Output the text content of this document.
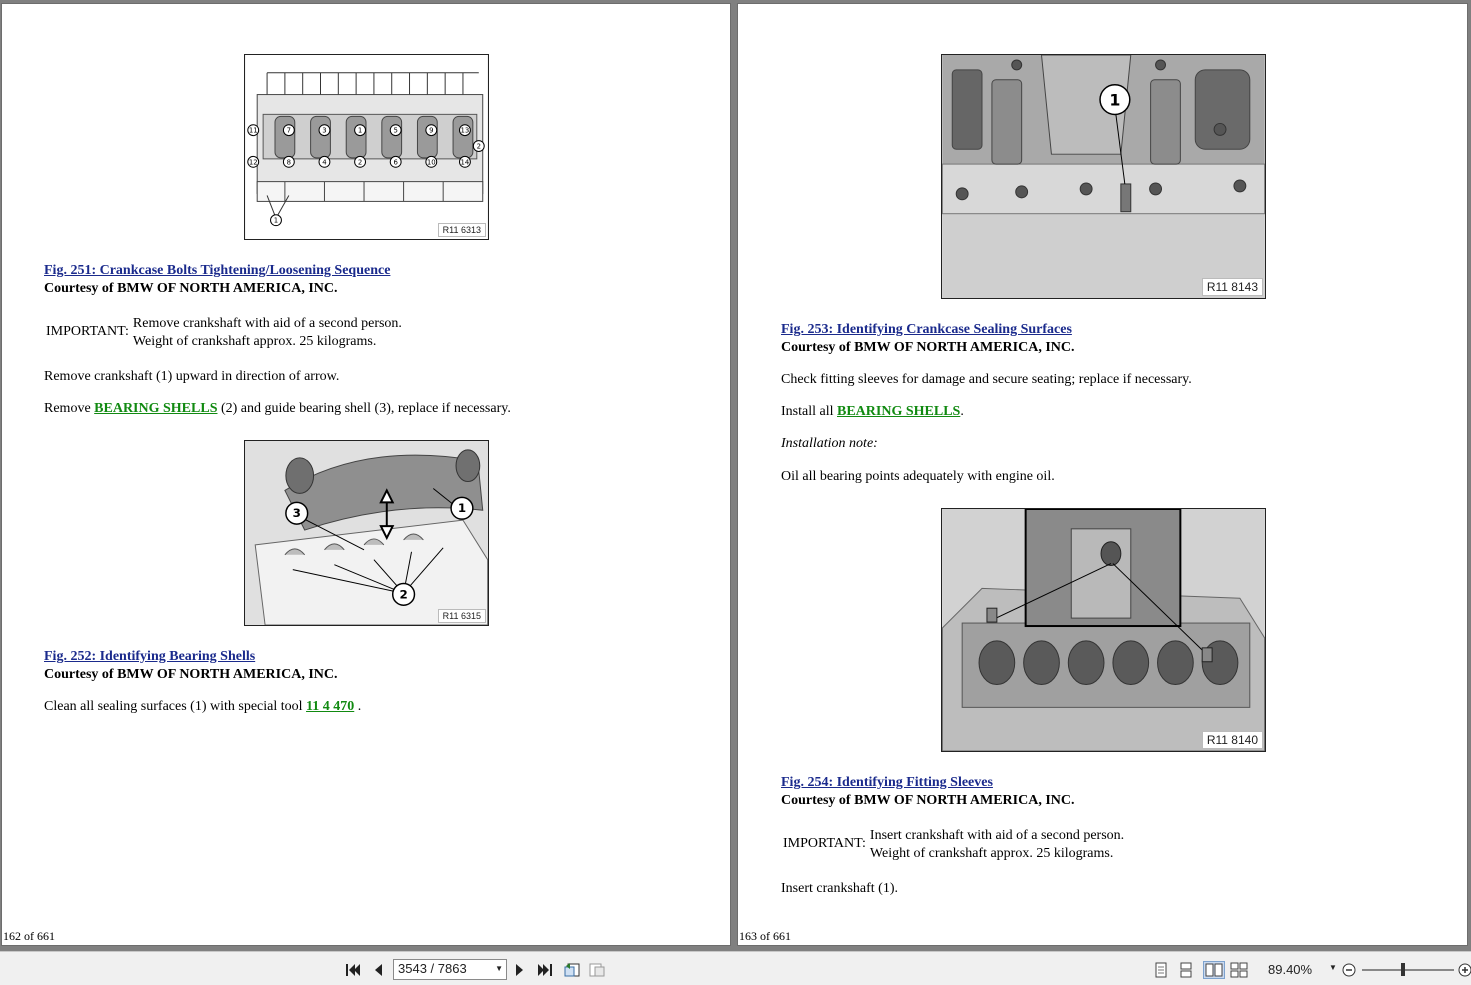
11	7	3	1	5	9	13
12	8	4	2	6	10	14
2
1
R11 6313
Fig. 251: Crankcase Bolts Tightening/Loosening Sequence
Courtesy of BMW OF NORTH AMERICA, INC.
IMPORTANT:
Remove crankshaft with aid of a second person.
Weight of crankshaft approx. 25 kilograms.
Remove crankshaft (1) upward in direction of arrow.
Remove BEARING SHELLS (2) and guide bearing shell (3), replace if necessary.
1
3
2
R11 6315
Fig. 252: Identifying Bearing Shells
Courtesy of BMW OF NORTH AMERICA, INC.
Clean all sealing surfaces (1) with special tool 11 4 470 .
162 of 661
1
R11 8143
Fig. 253: Identifying Crankcase Sealing Surfaces
Courtesy of BMW OF NORTH AMERICA, INC.
Check fitting sleeves for damage and secure seating; replace if necessary.
Install all BEARING SHELLS.
Installation note:
Oil all bearing points adequately with engine oil.
R11 8140
Fig. 254: Identifying Fitting Sleeves
Courtesy of BMW OF NORTH AMERICA, INC.
IMPORTANT:
Insert crankshaft with aid of a second person.
Weight of crankshaft approx. 25 kilograms.
Insert crankshaft (1).
163 of 661
3543 / 7863	▼	89.40% ▼
